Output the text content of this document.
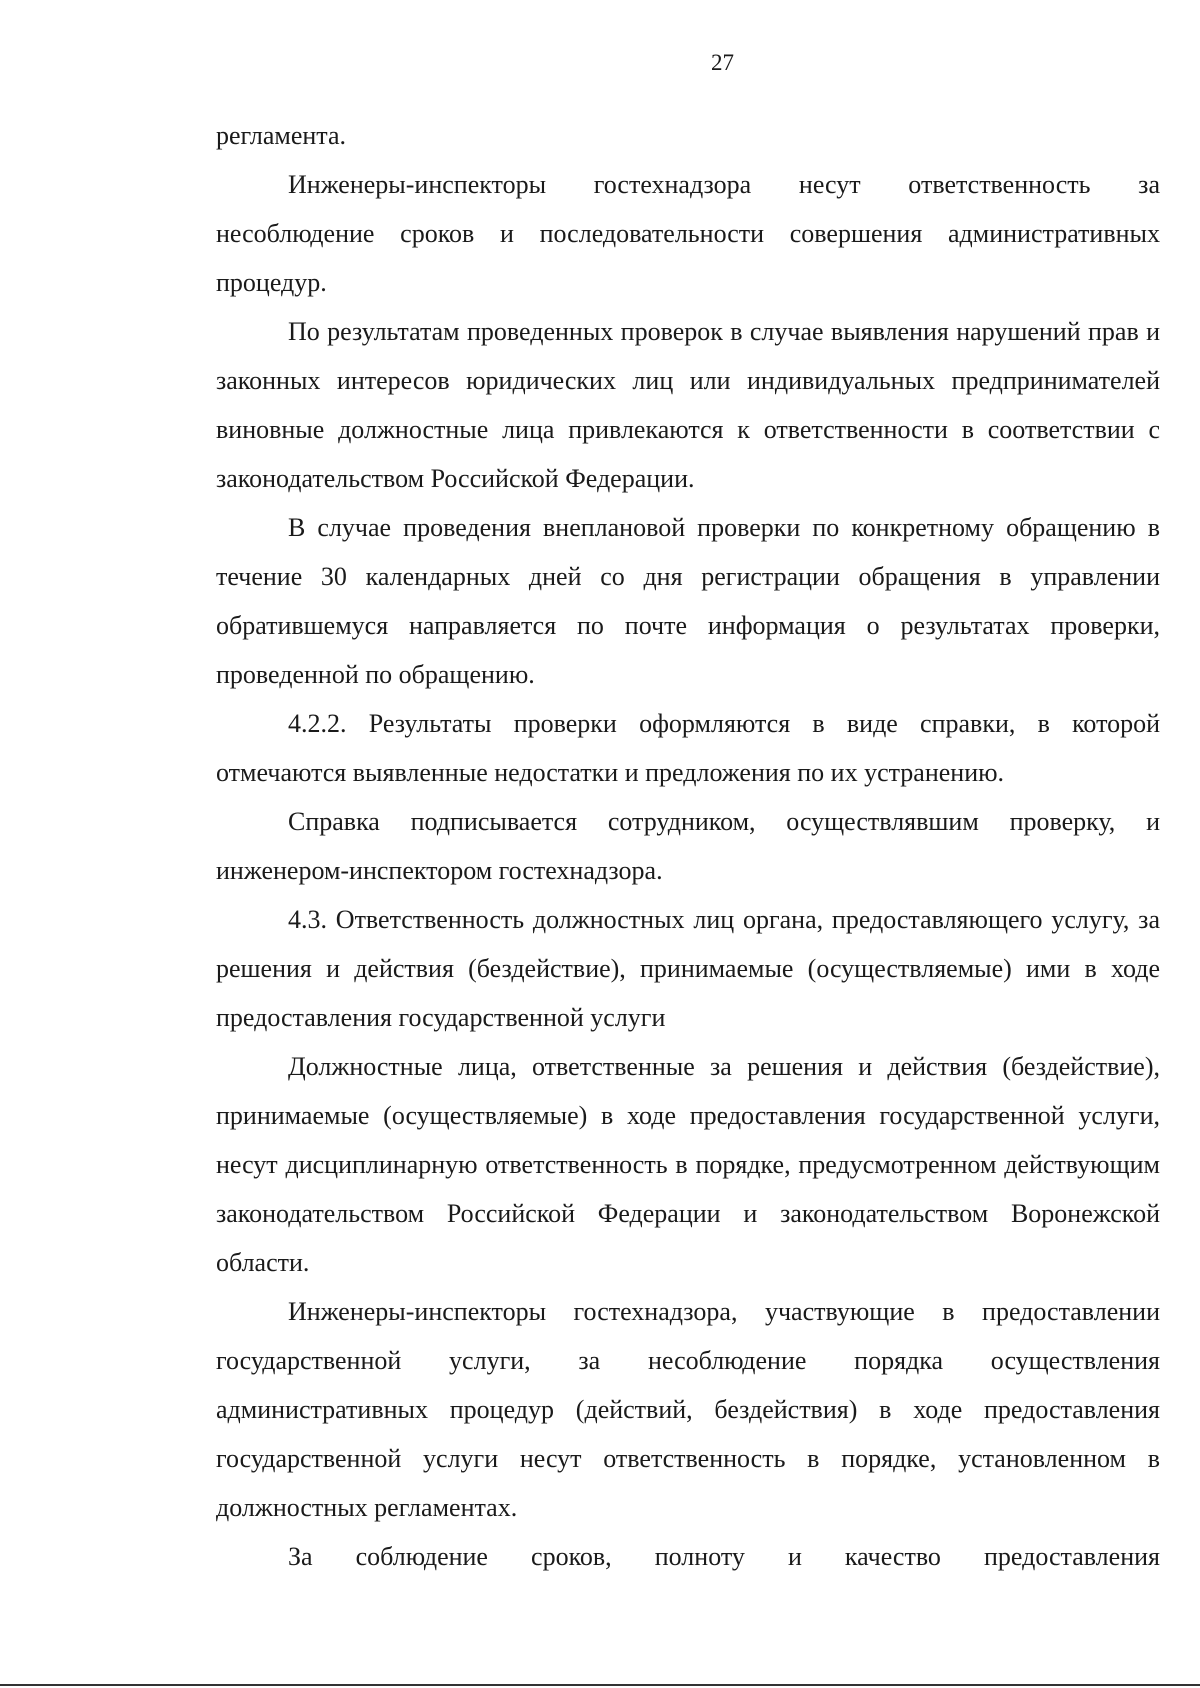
27

регламента.

Инженеры-инспекторы гостехнадзора несут ответственность за несоблюдение сроков и последовательности совершения административных процедур.

По результатам проведенных проверок в случае выявления нарушений прав и законных интересов юридических лиц или индивидуальных предпринимателей виновные должностные лица привлекаются к ответственности в соответствии с законодательством Российской Федерации.

В случае проведения внеплановой проверки по конкретному обращению в течение 30 календарных дней со дня регистрации обращения в управлении обратившемуся направляется по почте информация о результатах проверки, проведенной по обращению.

4.2.2. Результаты проверки оформляются в виде справки, в которой отмечаются выявленные недостатки и предложения по их устранению.

Справка подписывается сотрудником, осуществлявшим проверку, и инженером-инспектором гостехнадзора.

4.3. Ответственность должностных лиц органа, предоставляющего услугу, за решения и действия (бездействие), принимаемые (осуществляемые) ими в ходе предоставления государственной услуги

Должностные лица, ответственные за решения и действия (бездействие), принимаемые (осуществляемые) в ходе предоставления государственной услуги, несут дисциплинарную ответственность в порядке, предусмотренном действующим законодательством Российской Федерации и законодательством Воронежской области.

Инженеры-инспекторы гостехнадзора, участвующие в предоставлении государственной услуги, за несоблюдение порядка осуществления административных процедур (действий, бездействия) в ходе предоставления государственной услуги несут ответственность в порядке, установленном в должностных регламентах.

За соблюдение сроков, полноту и качество предоставления
